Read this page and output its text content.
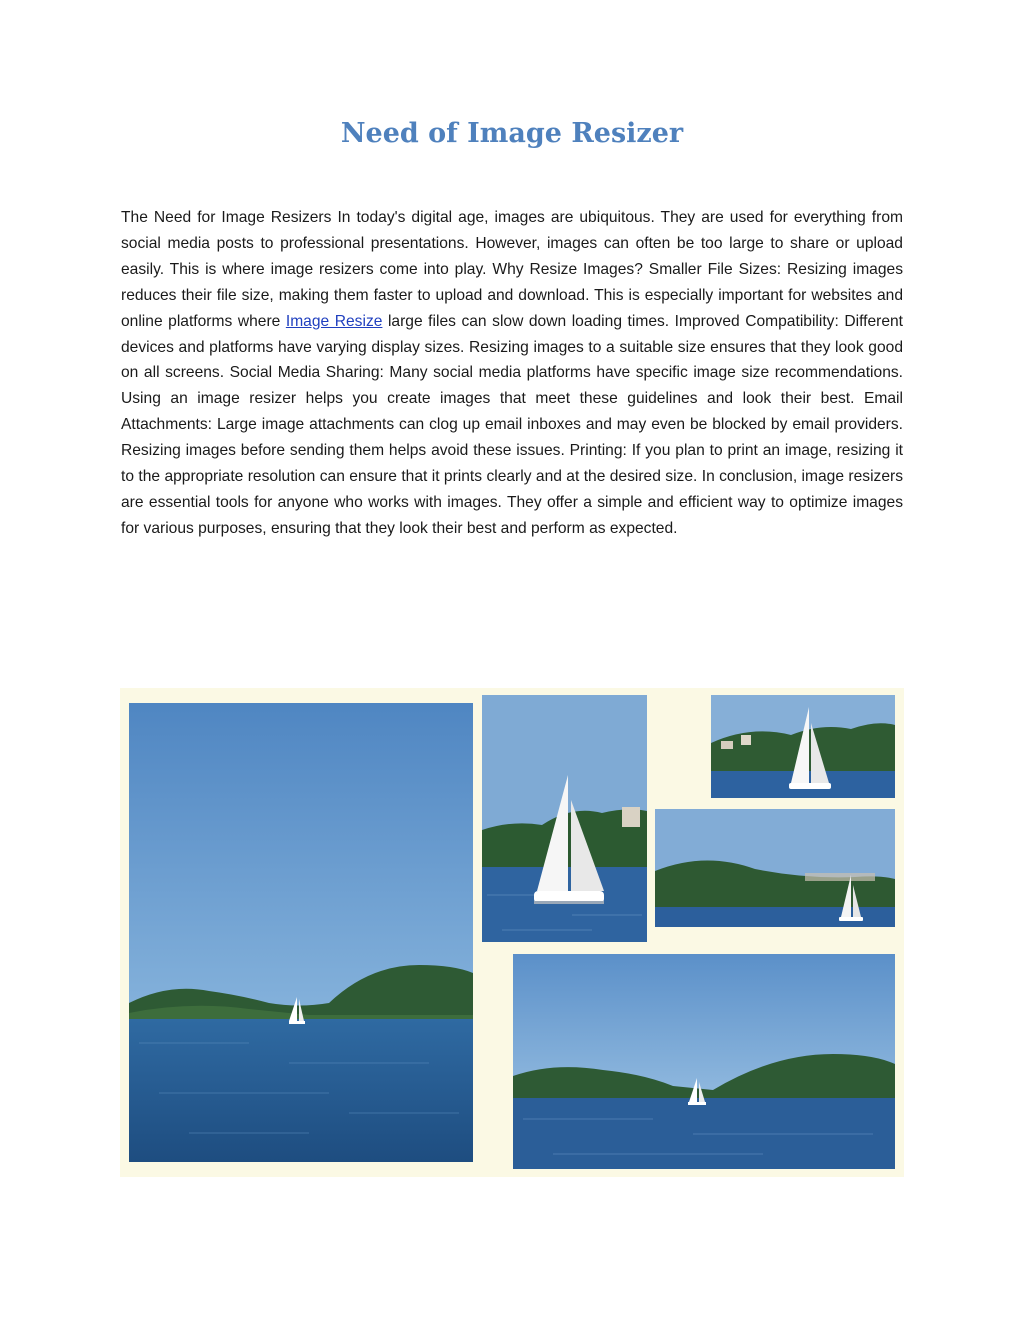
Need of Image Resizer

The Need for Image Resizers In today's digital age, images are ubiquitous. They are used for everything from social media posts to professional presentations. However, images can often be too large to share or upload easily. This is where image resizers come into play. Why Resize Images? Smaller File Sizes: Resizing images reduces their file size, making them faster to upload and download. This is especially important for websites and online platforms where Image Resize large files can slow down loading times. Improved Compatibility: Different devices and platforms have varying display sizes. Resizing images to a suitable size ensures that they look good on all screens. Social Media Sharing: Many social media platforms have specific image size recommendations. Using an image resizer helps you create images that meet these guidelines and look their best. Email Attachments: Large image attachments can clog up email inboxes and may even be blocked by email providers. Resizing images before sending them helps avoid these issues. Printing: If you plan to print an image, resizing it to the appropriate resolution can ensure that it prints clearly and at the desired size. In conclusion, image resizers are essential tools for anyone who works with images. They offer a simple and efficient way to optimize images for various purposes, ensuring that they look their best and perform as expected.
